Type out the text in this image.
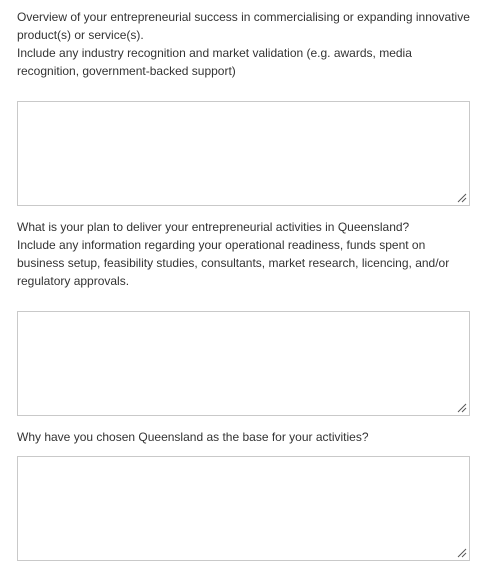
Overview of your entrepreneurial success in commercialising or expanding innovative
product(s) or service(s).
Include any industry recognition and market validation (e.g. awards, media
recognition, government-backed support)

What is your plan to deliver your entrepreneurial activities in Queensland?
Include any information regarding your operational readiness, funds spent on
business setup, feasibility studies, consultants, market research, licencing, and/or
regulatory approvals.

Why have you chosen Queensland as the base for your activities?
